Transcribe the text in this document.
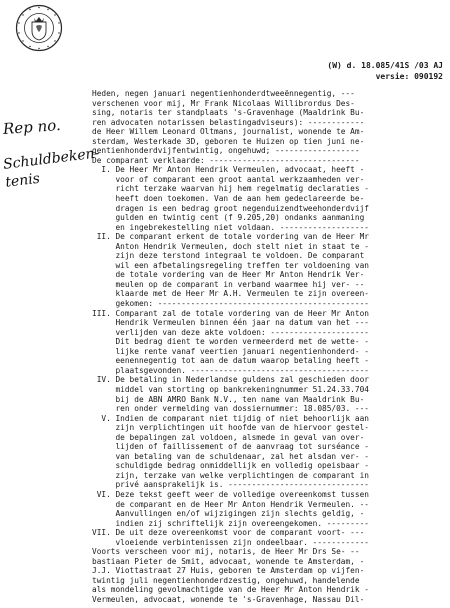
Rep no.
Schuldbeken-
tenis
(W) d. 18.085/41S /03 AJ
versie: 090192
Heden, negen januari negentienhonderdtweeënnegentig, ---
verschenen voor mij, Mr Frank Nicolaas Willibrordus Des-
sing, notaris ter standplaats 's-Gravenhage (Maaldrink Bu-
ren advocaten notarissen belastingadviseurs): ------------
de Heer Willem Leonard Oltmans, journalist, wonende te Am-
sterdam, Westerkade 3D, geboren te Huizen op tien juni ne-
gentienhonderdvijfentwintig, ongehuwd; ------------------
De comparant verklaarde: --------------------------------
I. De Heer Mr Anton Hendrik Vermeulen, advocaat, heeft -
voor of comparant een groot aantal werkzaamheden ver-
richt terzake waarvan hij hem regelmatig declaraties -
heeft doen toekomen. Van de aan hem gedeclareerde be-
dragen is een bedrag groot negenduizendtweehonderdvijf
gulden en twintig cent (f 9.205,20) ondanks aanmaning
en ingebrekestelling niet voldaan. -------------------
II. De comparant erkent de totale vordering van de Heer Mr
Anton Hendrik Vermeulen, doch stelt niet in staat te -
zijn deze terstond integraal te voldoen. De comparant
wil een afbetalingsregeling treffen ter voldoening van
de totale vordering van de Heer Mr Anton Hendrik Ver-
meulen op de comparant in verband waarmee hij ver- --
klaarde met de Heer Mr A.H. Vermeulen te zijn overeen-
gekomen: ---------------------------------------------
III. Comparant zal de totale vordering van de Heer Mr Anton
Hendrik Vermeulen binnen één jaar na datum van het ---
verlijden van deze akte voldoen: ---------------------
Dit bedrag dient te worden vermeerderd met de wette- -
lijke rente vanaf veertien januari negentienhonderd- -
eenennegentig tot aan de datum waarop betaling heeft -
plaatsgevonden. --------------------------------------
IV. De betaling in Nederlandse guldens zal geschieden door
middel van storting op bankrekeningnummer 51.24.33.704
bij de ABN AMRO Bank N.V., ten name van Maaldrink Bu-
ren onder vermelding van dossiernummer: 18.085/03. ---
V. Indien de comparant niet tijdig of niet behoorlijk aan
zijn verplichtingen uit hoofde van de hiervoor gestel-
de bepalingen zal voldoen, alsmede in geval van over-
lijden of faillissement of de aanvraag tot surséance -
van betaling van de schuldenaar, zal het alsdan ver- -
schuldigde bedrag onmiddellijk en volledig opeisbaar -
zijn, terzake van welke verplichtingen de comparant in
privé aansprakelijk is. ------------------------------
VI. Deze tekst geeft weer de volledige overeenkomst tussen
de comparant en de Heer Mr Anton Hendrik Vermeulen. --
Aanvullingen en/of wijzigingen zijn slechts geldig, -
indien zij schriftelijk zijn overeengekomen. ---------
VII. De uit deze overeenkomst voor de comparant voort- ---
vloeiende verbintenissen zijn ondeelbaar. ------------
Voorts verscheen voor mij, notaris, de Heer Mr Drs Se- --
bastiaan Pieter de Smit, advocaat, wonende te Amsterdam, -
J.J. Viottastraat 27 Huis, geboren te Amsterdam op vijfen-
twintig juli negentienhonderdzestig, ongehuwd, handelende
als mondeling gevolmachtigde van de Heer Mr Anton Hendrik -
Vermeulen, advocaat, wonende te 's-Gravenhage, Nassau Dil-
